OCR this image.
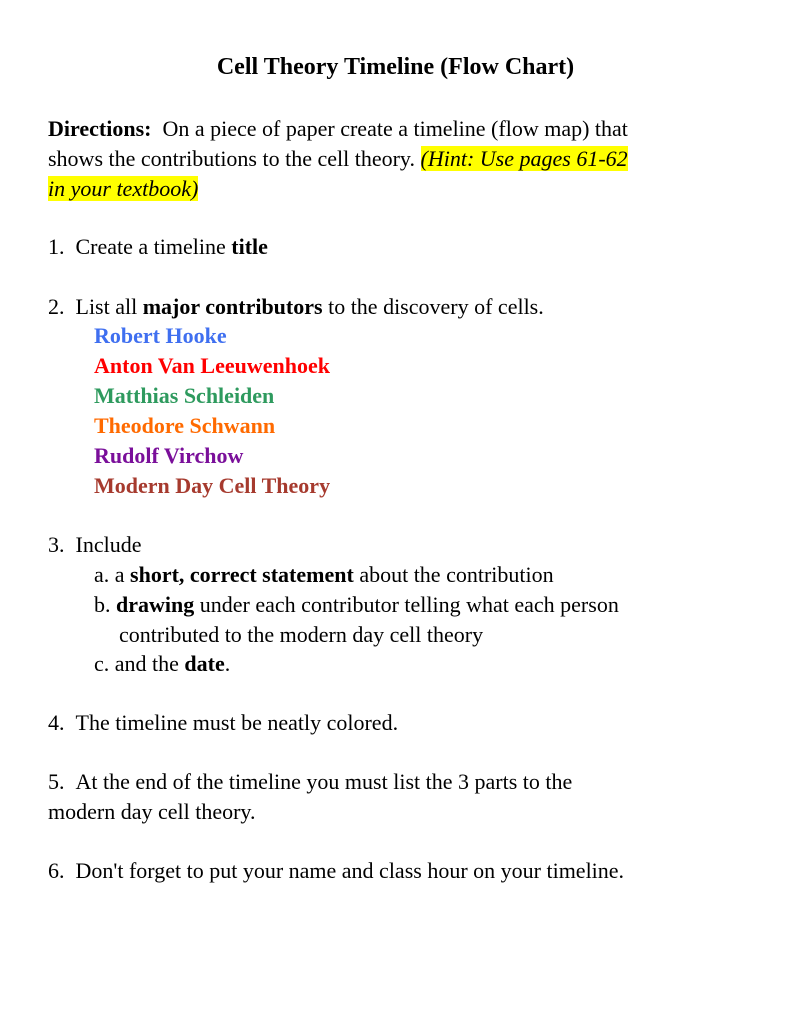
Cell Theory Timeline (Flow Chart)
Directions: On a piece of paper create a timeline (flow map) that
shows the contributions to the cell theory. (Hint: Use pages 61-62
in your textbook)
1. Create a timeline title
2. List all major contributors to the discovery of cells.
Robert Hooke
Anton Van Leeuwenhoek
Matthias Schleiden
Theodore Schwann
Rudolf Virchow
Modern Day Cell Theory
3. Include
a. a short, correct statement about the contribution
b. drawing under each contributor telling what each person
contributed to the modern day cell theory
c. and the date.
4. The timeline must be neatly colored.
5. At the end of the timeline you must list the 3 parts to the
modern day cell theory.
6. Don't forget to put your name and class hour on your timeline.
